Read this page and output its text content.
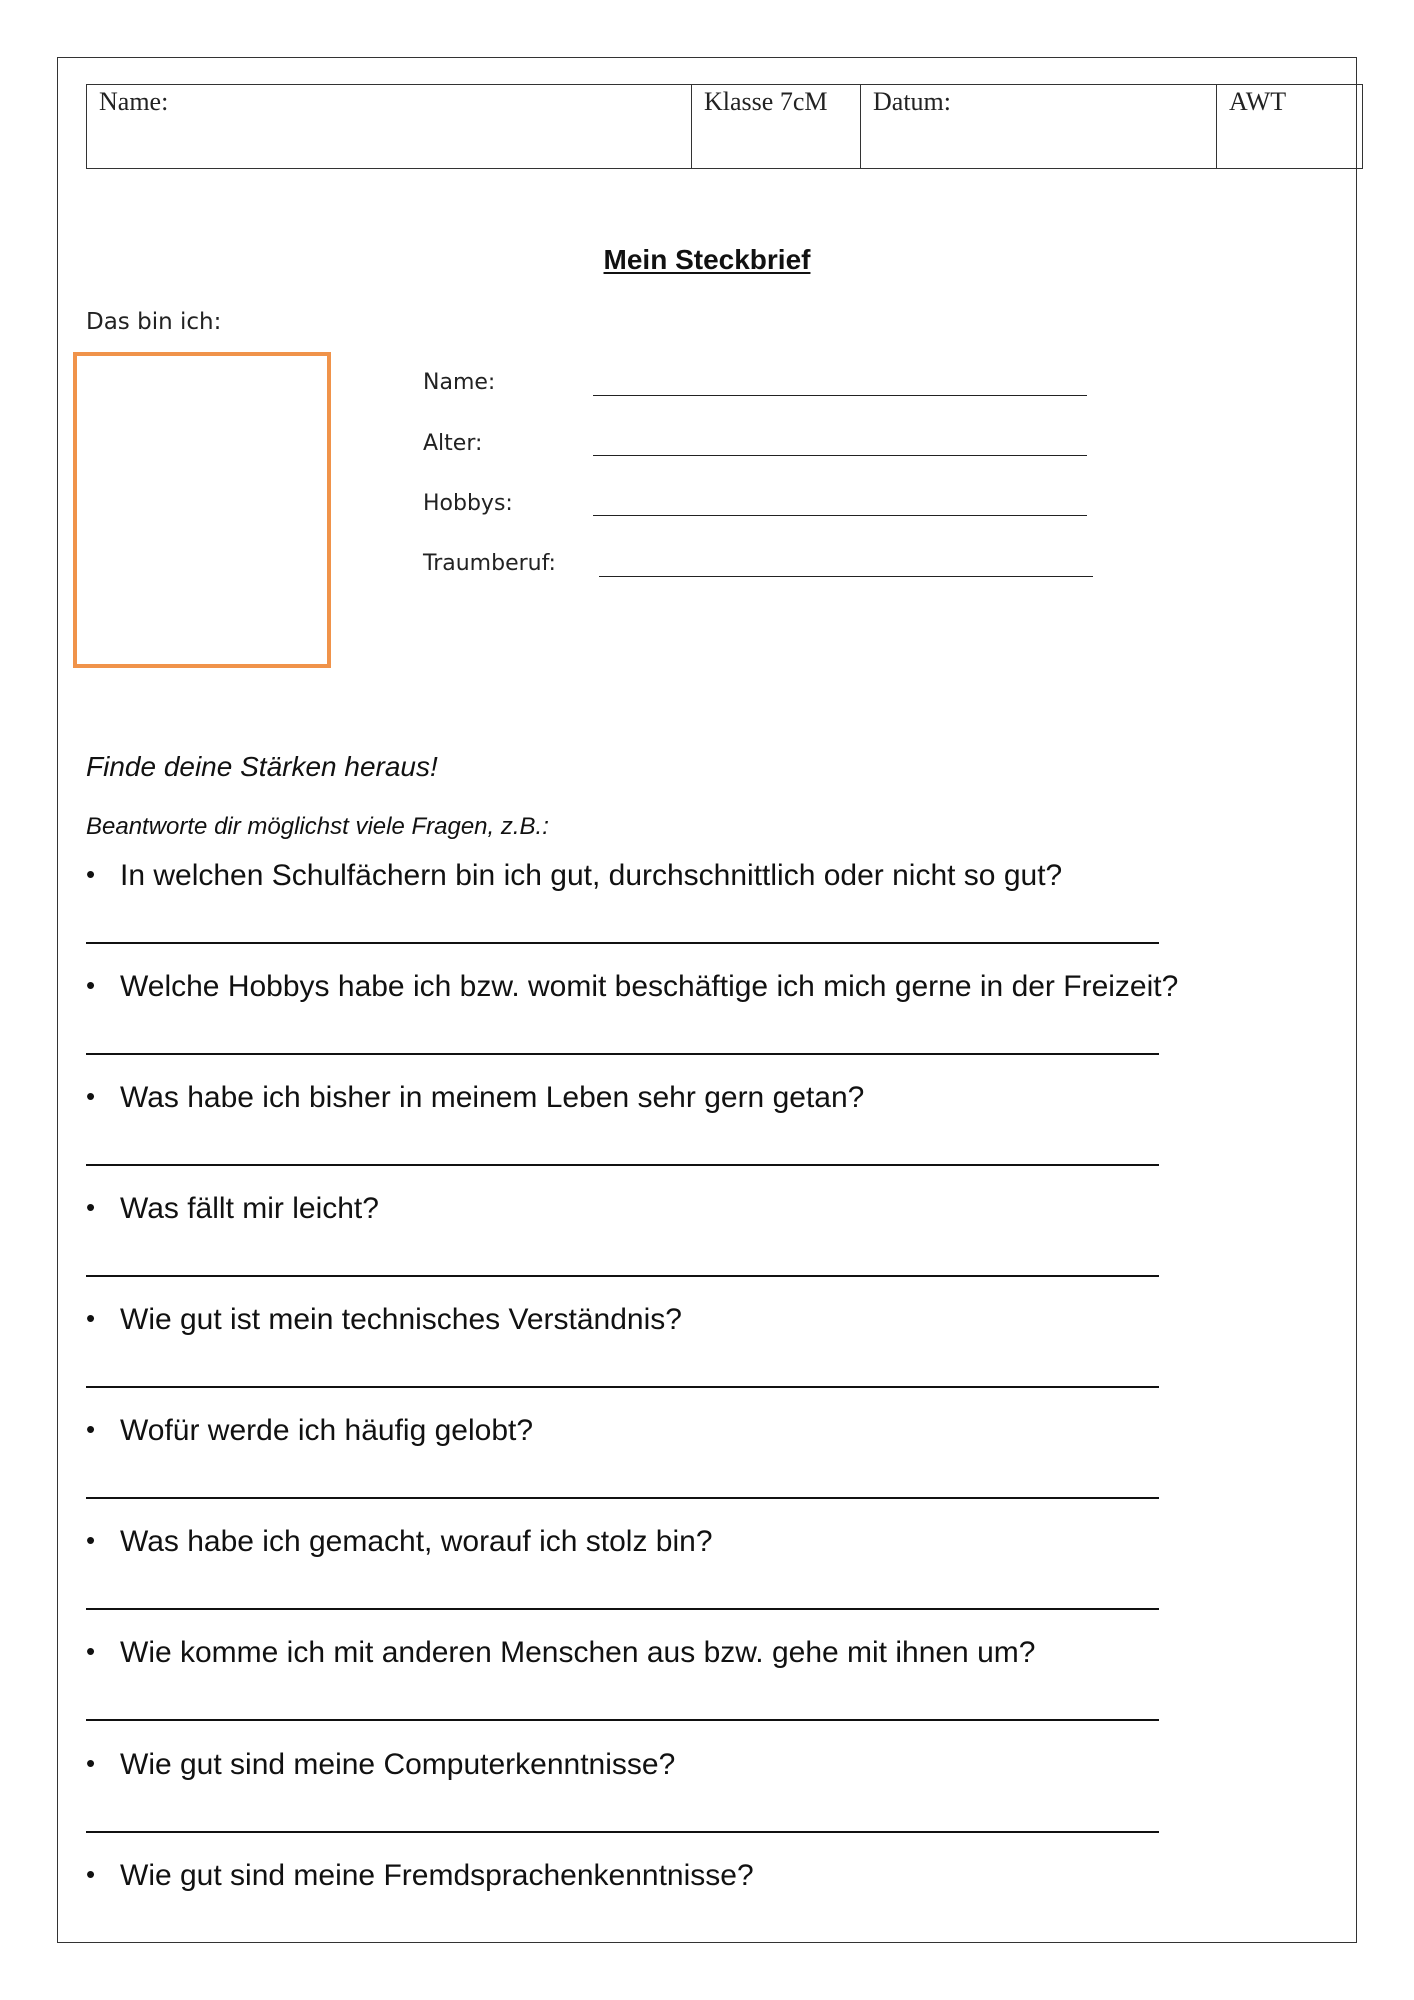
Name:	Klasse 7cM	Datum:	AWT
Mein Steckbrief
Das bin ich:
Name:
Alter:
Hobbys:
Traumberuf:
Finde deine Stärken heraus!
Beantworte dir möglichst viele Fragen, z.B.:
• In welchen Schulfächern bin ich gut, durchschnittlich oder nicht so gut?
• Welche Hobbys habe ich bzw. womit beschäftige ich mich gerne in der Freizeit?
• Was habe ich bisher in meinem Leben sehr gern getan?
• Was fällt mir leicht?
• Wie gut ist mein technisches Verständnis?
• Wofür werde ich häufig gelobt?
• Was habe ich gemacht, worauf ich stolz bin?
• Wie komme ich mit anderen Menschen aus bzw. gehe mit ihnen um?
• Wie gut sind meine Computerkenntnisse?
• Wie gut sind meine Fremdsprachenkenntnisse?
